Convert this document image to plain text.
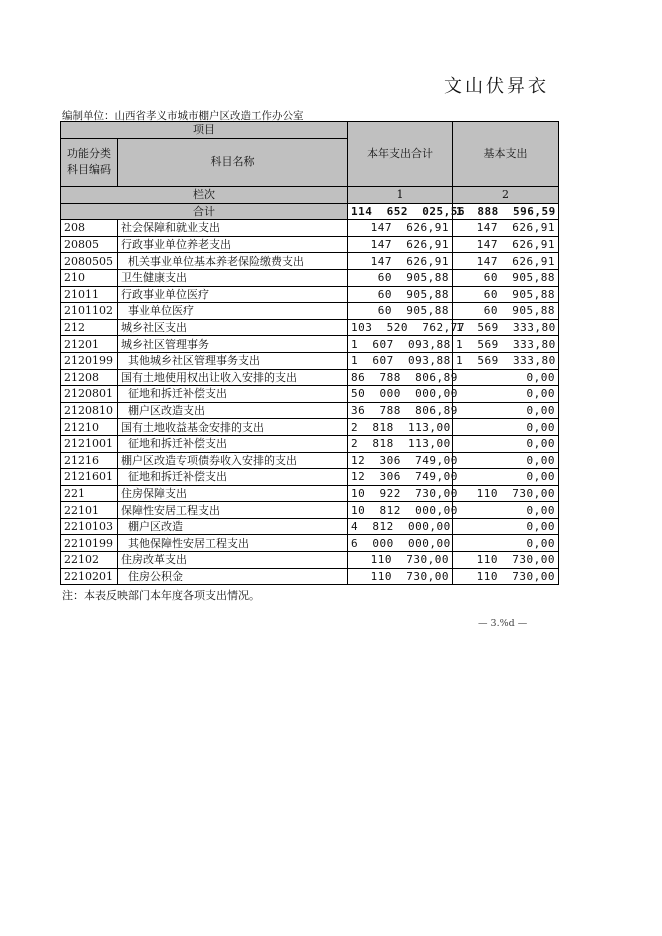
文山伏昇衣
编制单位：山西省孝义市城市棚户区改造工作办公室
项目		本年支出合计	基本支出
功能分类科目编码	科目名称		
栏次		1	2
合计		114  652  025,56	1  888  596,59
208	社会保障和就业支出	147  626,91	147  626,91
20805	行政事业单位养老支出	147  626,91	147  626,91
2080505	机关事业单位基本养老保险缴费支出	147  626,91	147  626,91
210	卫生健康支出	60  905,88	60  905,88
21011	行政事业单位医疗	60  905,88	60  905,88
2101102	事业单位医疗	60  905,88	60  905,88
212	城乡社区支出	103  520  762,77	1  569  333,80
21201	城乡社区管理事务	1  607  093,88	1  569  333,80
2120199	其他城乡社区管理事务支出	1  607  093,88	1  569  333,80
21208	国有土地使用权出让收入安排的支出	86  788  806,89	0,00
2120801	征地和拆迁补偿支出	50  000  000,00	0,00
2120810	棚户区改造支出	36  788  806,89	0,00
21210	国有土地收益基金安排的支出	2  818  113,00	0,00
2121001	征地和拆迁补偿支出	2  818  113,00	0,00
21216	棚户区改造专项债券收入安排的支出	12  306  749,00	0,00
2121601	征地和拆迁补偿支出	12  306  749,00	0,00
221	住房保障支出	10  922  730,00	110  730,00
22101	保障性安居工程支出	10  812  000,00	0,00
2210103	棚户区改造	4  812  000,00	0,00
2210199	其他保障性安居工程支出	6  000  000,00	0,00
22102	住房改革支出	110  730,00	110  730,00
2210201	住房公积金	110  730,00	110  730,00
注：本表反映部门本年度各项支出情况。
— 3.%d —
